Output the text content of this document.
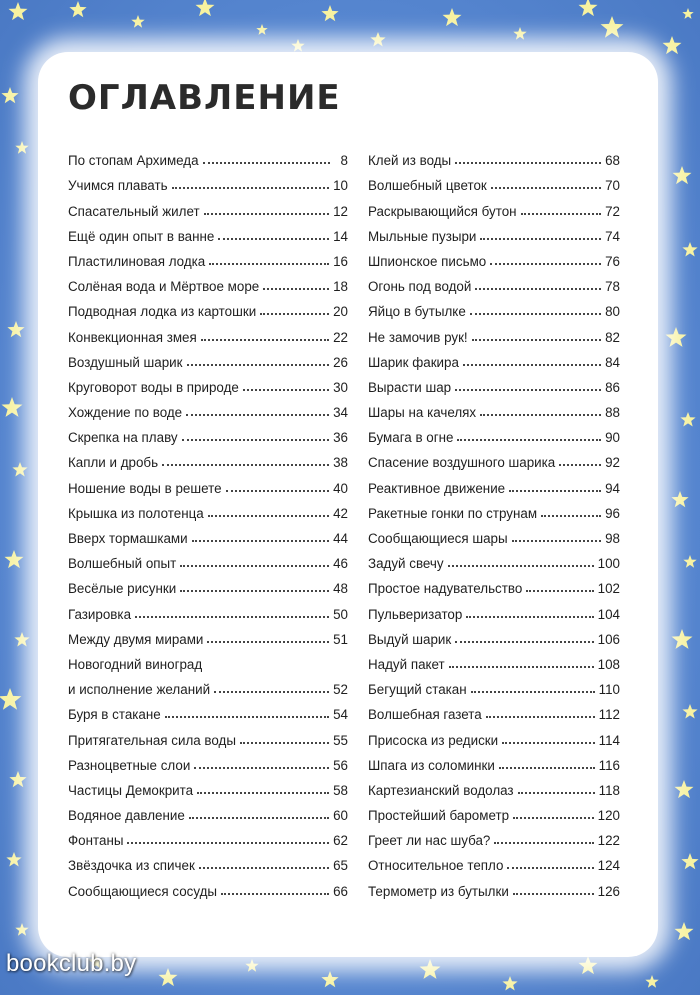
ОГЛАВЛЕНИЕ
По стопам Архимеда	8
Учимся плавать	10
Спасательный жилет	12
Ещё один опыт в ванне	14
Пластилиновая лодка	16
Солёная вода и Мёртвое море	18
Подводная лодка из картошки	20
Конвекционная змея	22
Воздушный шарик	26
Круговорот воды в природе	30
Хождение по воде	34
Скрепка на плаву	36
Капли и дробь	38
Ношение воды в решете	40
Крышка из полотенца	42
Вверх тормашками	44
Волшебный опыт	46
Весёлые рисунки	48
Газировка	50
Между двумя мирами	51
Новогодний виноград
и исполнение желаний	52
Буря в стакане	54
Притягательная сила воды	55
Разноцветные слои	56
Частицы Демокрита	58
Водяное давление	60
Фонтаны	62
Звёздочка из спичек	65
Сообщающиеся сосуды	66
Клей из воды	68
Волшебный цветок	70
Раскрывающийся бутон	72
Мыльные пузыри	74
Шпионское письмо	76
Огонь под водой	78
Яйцо в бутылке	80
Не замочив рук!	82
Шарик факира	84
Вырасти шар	86
Шары на качелях	88
Бумага в огне	90
Спасение воздушного шарика	92
Реактивное движение	94
Ракетные гонки по струнам	96
Сообщающиеся шары	98
Задуй свечу	100
Простое надувательство	102
Пульверизатор	104
Выдуй шарик	106
Надуй пакет	108
Бегущий стакан	110
Волшебная газета	112
Присоска из редиски	114
Шпага из соломинки	116
Картезианский водолаз	118
Простейший барометр	120
Греет ли нас шуба?	122
Относительное тепло	124
Термометр из бутылки	126
bookclub.by
